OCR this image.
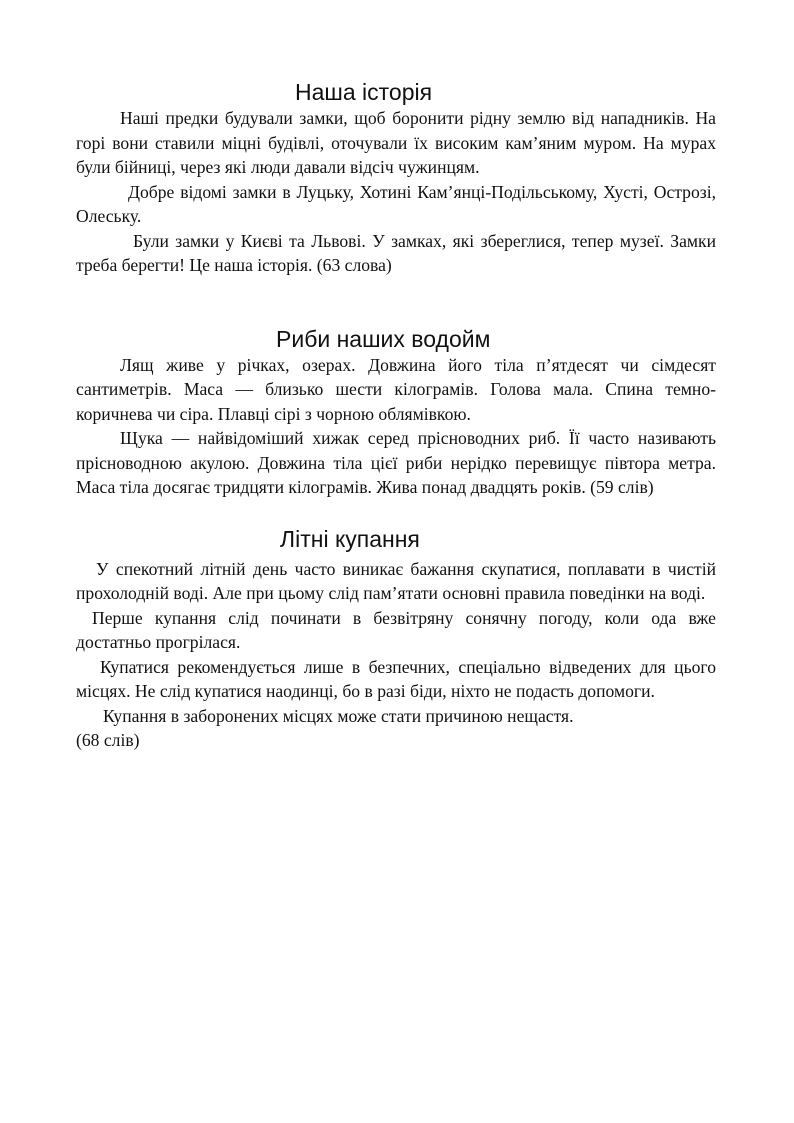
Наша історія

Наші предки будували замки, щоб боронити рідну землю від нападників. На горі вони ставили міцні будівлі, оточували їх високим кам’яним муром. На мурах були бійниці, через які люди давали відсіч чужинцям.

Добре відомі замки в Луцьку, Хотині Кам’янці-Подільському, Хусті, Острозі, Олеську.

Були замки у Києві та Львові. У замках, які збереглися, тепер музеї. Замки треба берегти! Це наша історія. (63 слова)

Риби наших водойм

Лящ живе у річках, озерах. Довжина його тіла п’ятдесят чи сімдесят сантиметрів. Маса — близько шести кілограмів. Голова мала. Спина темно-коричнева чи сіра. Плавці сірі з чорною облямівкою.

Щука — найвідоміший хижак серед прісноводних риб. Її часто називають прісноводною акулою. Довжина тіла цієї риби нерідко перевищує півтора метра. Маса тіла досягає тридцяти кілограмів. Жива понад двадцять років. (59 слів)

Літні купання

У спекотний літній день часто виникає бажання скупатися, поплавати в чистій прохолодній воді. Але при цьому слід пам’ятати основні правила поведінки на воді.

Перше купання слід починати в безвітряну сонячну погоду, коли ода вже достатньо прогрілася.

Купатися рекомендується лише в безпечних, спеціально відведених для цього місцях. Не слід купатися наодинці, бо в разі біди, ніхто не подасть допомоги.

Купання в заборонених місцях може стати причиною нещастя.

(68 слів)
